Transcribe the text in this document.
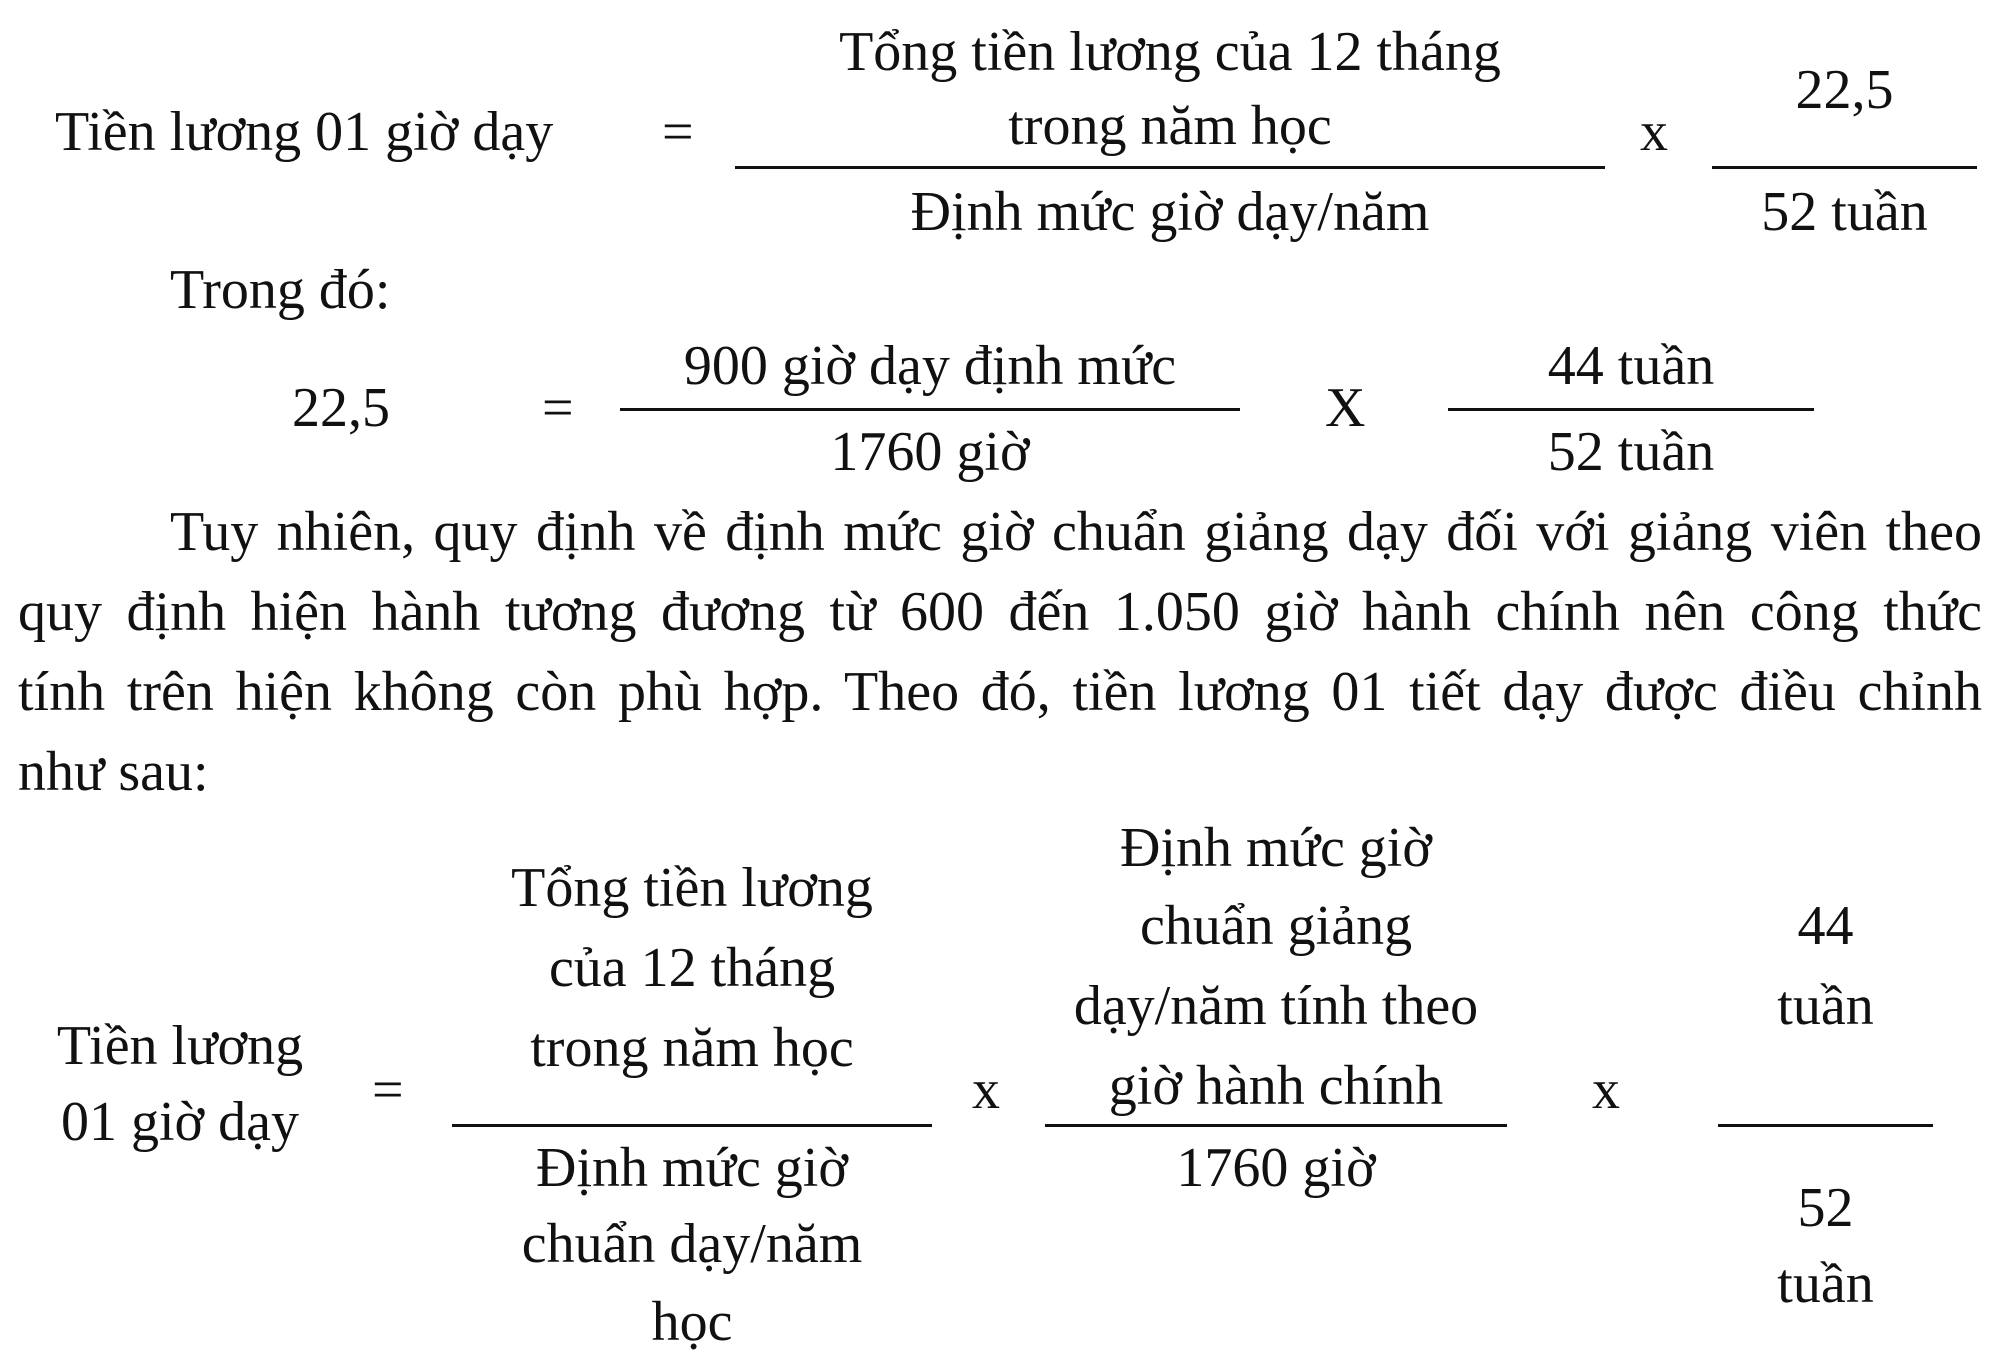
Tiền lương 01 giờ dạy =
Tổng tiền lương của 12 tháng
trong năm học
Định mức giờ dạy/năm
x
22,5
52 tuần
Trong đó:
22,5	=
900 giờ dạy định mức
1760 giờ
X
44 tuần
52 tuần
Tuy nhiên, quy định về định mức giờ chuẩn giảng dạy đối với giảng viên theo
quy định hiện hành tương đương từ 600 đến 1.050 giờ hành chính nên công thức
tính trên hiện không còn phù hợp. Theo đó, tiền lương 01 tiết dạy được điều chỉnh
như sau:
Tiền lương
01 giờ dạy
=
Tổng tiền lương
của 12 tháng
trong năm học
Định mức giờ
chuẩn dạy/năm
học
x
Định mức giờ
chuẩn giảng
dạy/năm tính theo
giờ hành chính
1760 giờ
x
44
tuần
52
tuần
